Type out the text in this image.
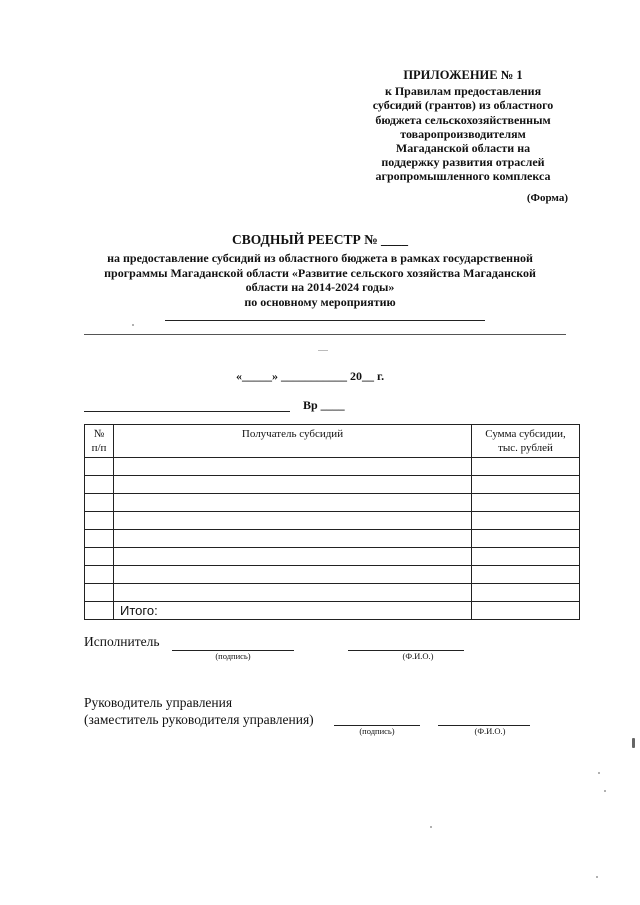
ПРИЛОЖЕНИЕ № 1
к Правилам предоставления
субсидий (грантов) из областного
бюджета сельскохозяйственным
товаропроизводителям
Магаданской области на
поддержку развития отраслей
агропромышленного комплекса
(Форма)
СВОДНЫЙ РЕЕСТР № ____
на предоставление субсидий из областного бюджета в рамках государственной
программы Магаданской области «Развитие сельского хозяйства Магаданской
области на 2014-2024 годы»
по основному мероприятию
«_____» ___________ 20__ г.
Вр ____
№
п/п	Получатель субсидий	Сумма субсидии,
тыс. рублей

	Итого:	
Исполнитель
(подпись)	(Ф.И.О.)
Руководитель управления
(заместитель руководителя управления)
(подпись)	(Ф.И.О.)
